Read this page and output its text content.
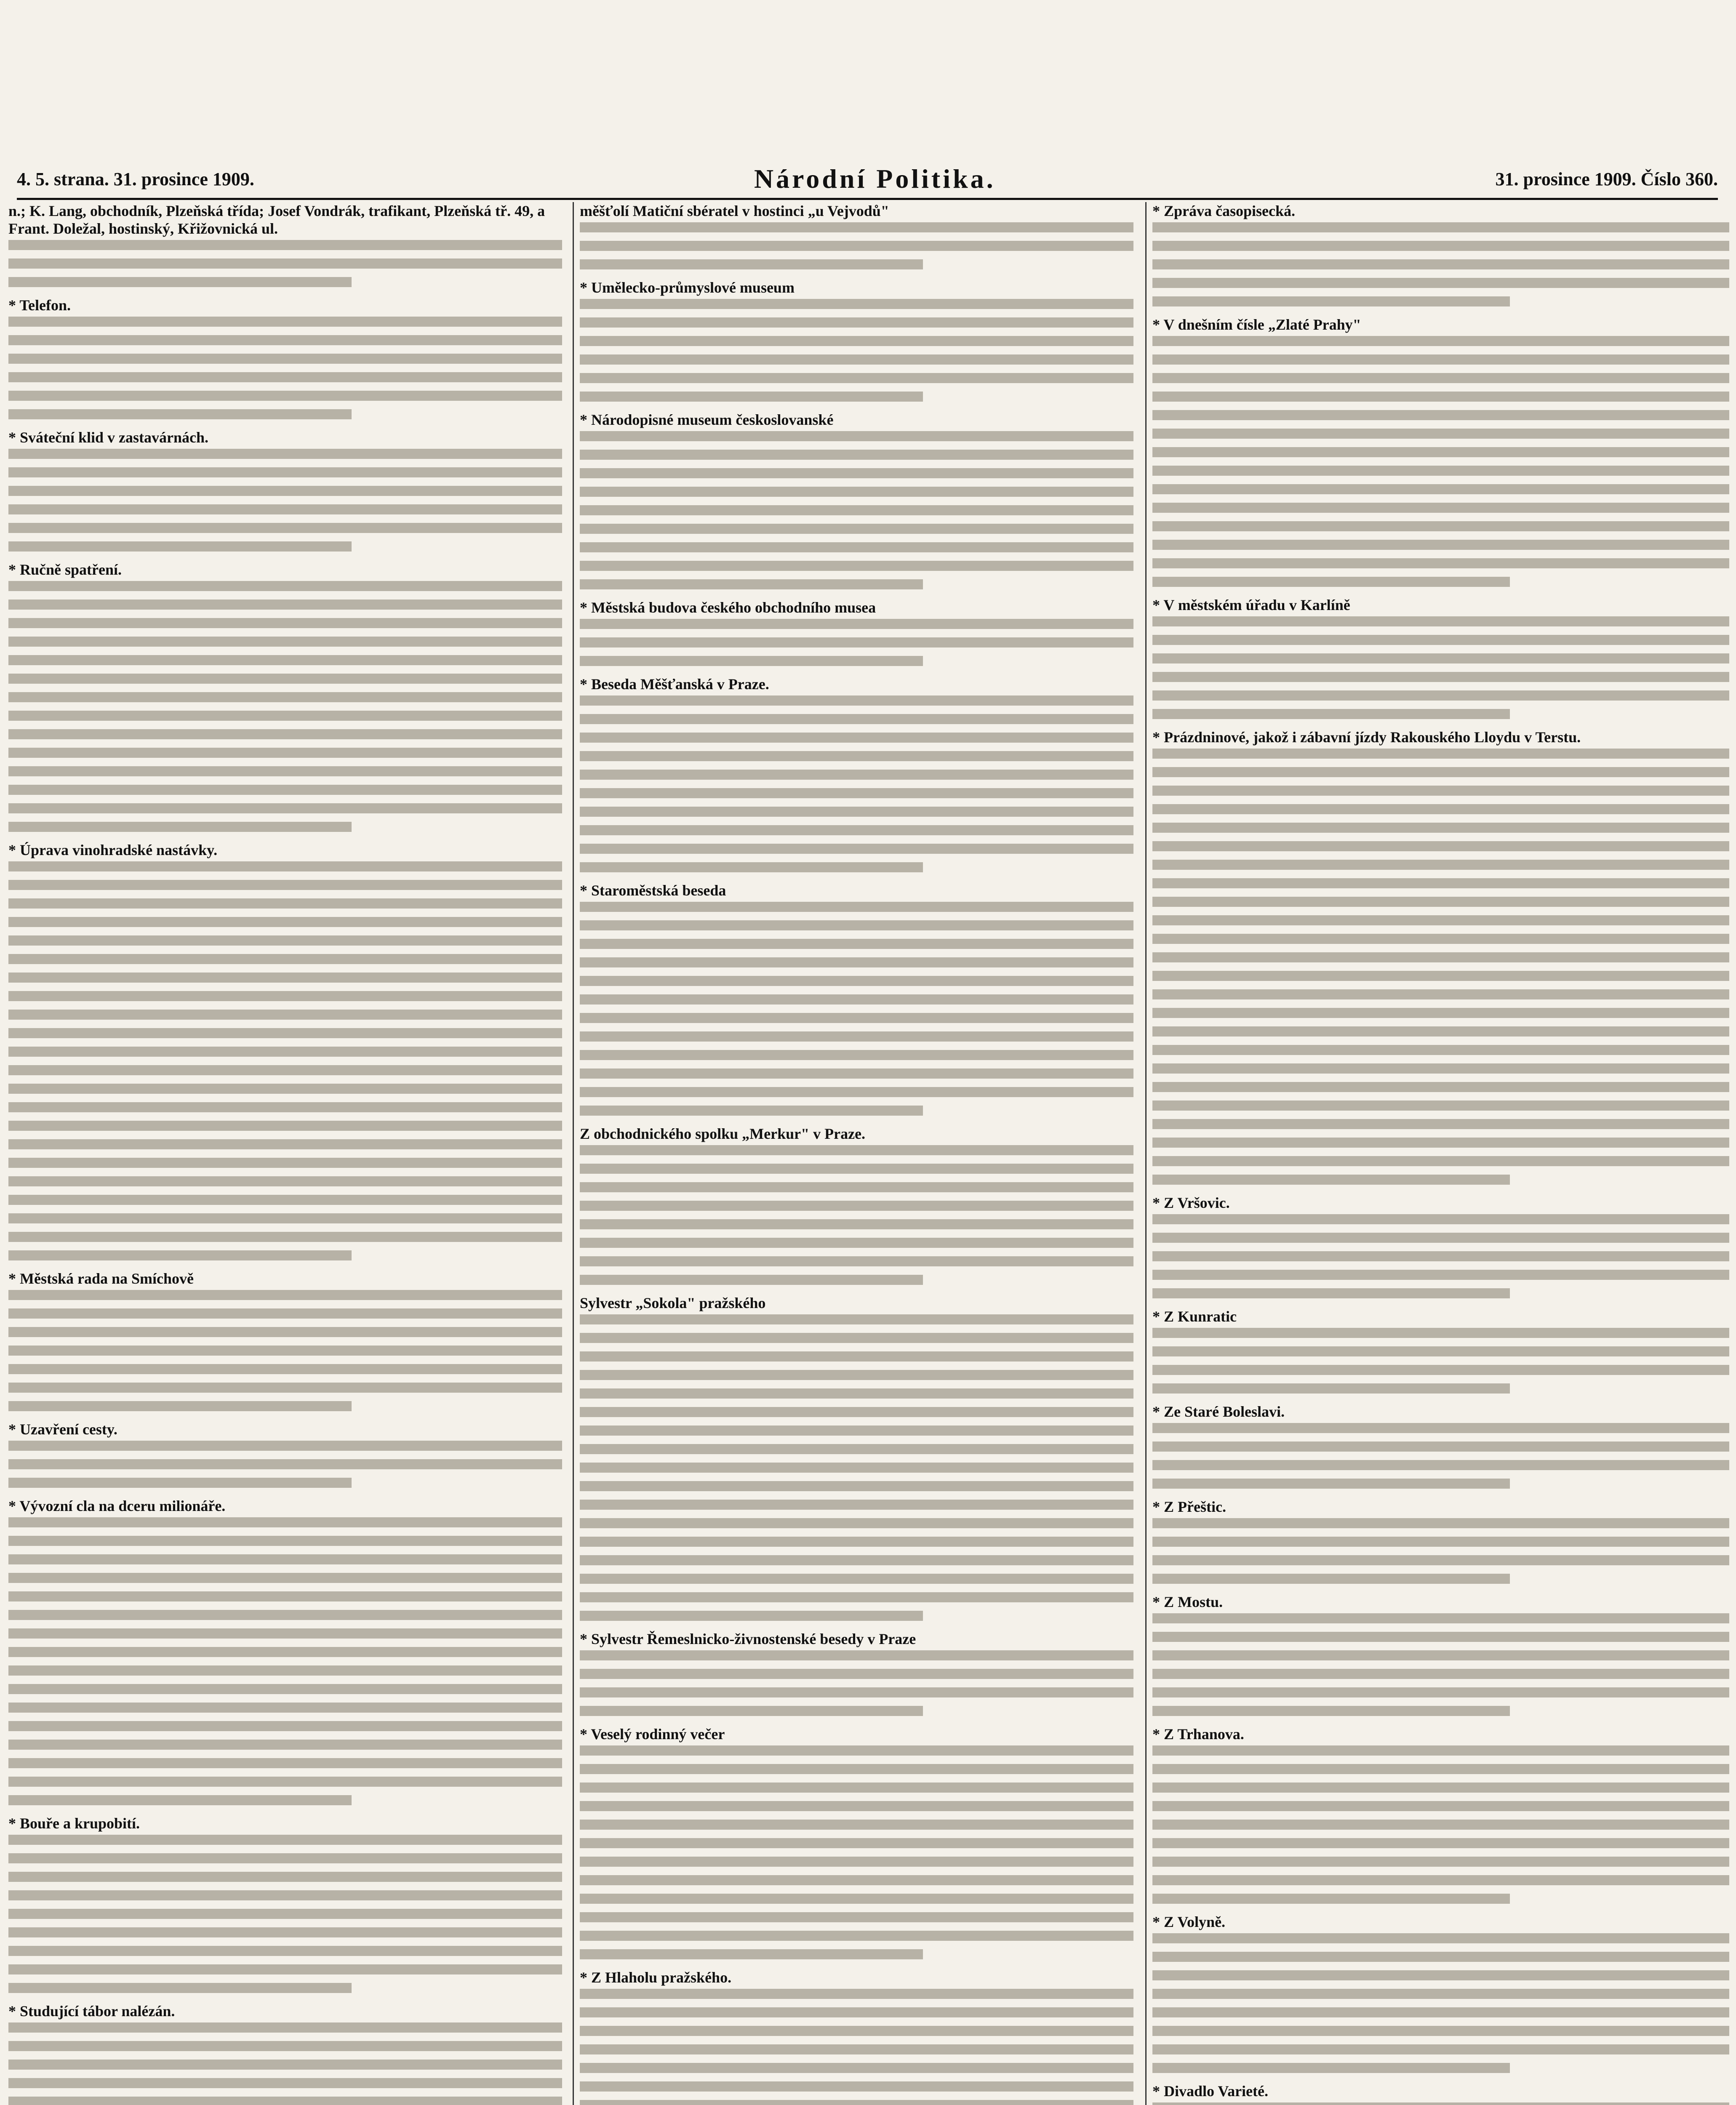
4. 5. strana. 31. prosince 1909.	Národní Politika.	31. prosince 1909. Číslo 360.
n.; K. Lang, obchodník, Plzeňská třída; Josef Vondrák, trafikant, Plzeňská tř. 49, a Frant. Doležal, hostinský, Křižovnická ul.
* Telefon.
* Sváteční klid v zastavárnách.
* Ručně spatření.
* Úprava vinohradské nastávky.
* Městská rada na Smíchově
* Uzavření cesty.
* Vývozní cla na dceru milionáře.
* Bouře a krupobití.
* Studující tábor nalézán.
měšťolí Matiční sbératel v hostinci „u Vejvodů"
* Umělecko-průmyslové museum
* Národopisné museum českoslovanské
* Městská budova českého obchodního musea
* Beseda Měšťanská v Praze.
* Staroměstská beseda
Z obchodnického spolku „Merkur" v Praze.
Sylvestr „Sokola" pražského
* Sylvestr Řemeslnicko-živnostenské besedy v Praze
* Veselý rodinný večer
* Z Hlaholu pražského.
* Zpráva časopisecká.
* V dnešním čísle „Zlaté Prahy"
* V městském úřadu v Karlíně
* Prázdninové, jakož i zábavní jízdy Rakouského Lloydu v Terstu.
* Z Vršovic.
* Z Kunratic
* Ze Staré Boleslavi.
* Z Přeštic.
* Z Mostu.
* Z Trhanova.
* Z Volyně.
* Divadlo Varieté.
